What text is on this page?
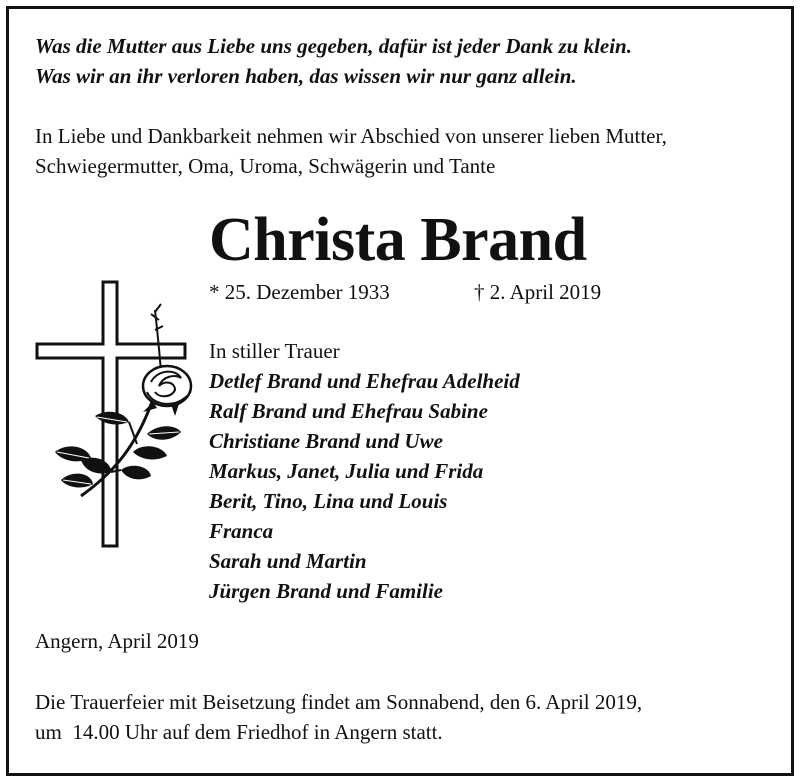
Was die Mutter aus Liebe uns gegeben, dafür ist jeder Dank zu klein.
Was wir an ihr verloren haben, das wissen wir nur ganz allein.
In Liebe und Dankbarkeit nehmen wir Abschied von unserer lieben Mutter,
Schwiegermutter, Oma, Uroma, Schwägerin und Tante
Christa Brand
* 25. Dezember 1933	† 2. April 2019
In stiller Trauer
Detlef Brand und Ehefrau Adelheid
Ralf Brand und Ehefrau Sabine
Christiane Brand und Uwe
Markus, Janet, Julia und Frida
Berit, Tino, Lina und Louis
Franca
Sarah und Martin
Jürgen Brand und Familie
Angern, April 2019
Die Trauerfeier mit Beisetzung findet am Sonnabend, den 6. April 2019,
um  14.00 Uhr auf dem Friedhof in Angern statt.
